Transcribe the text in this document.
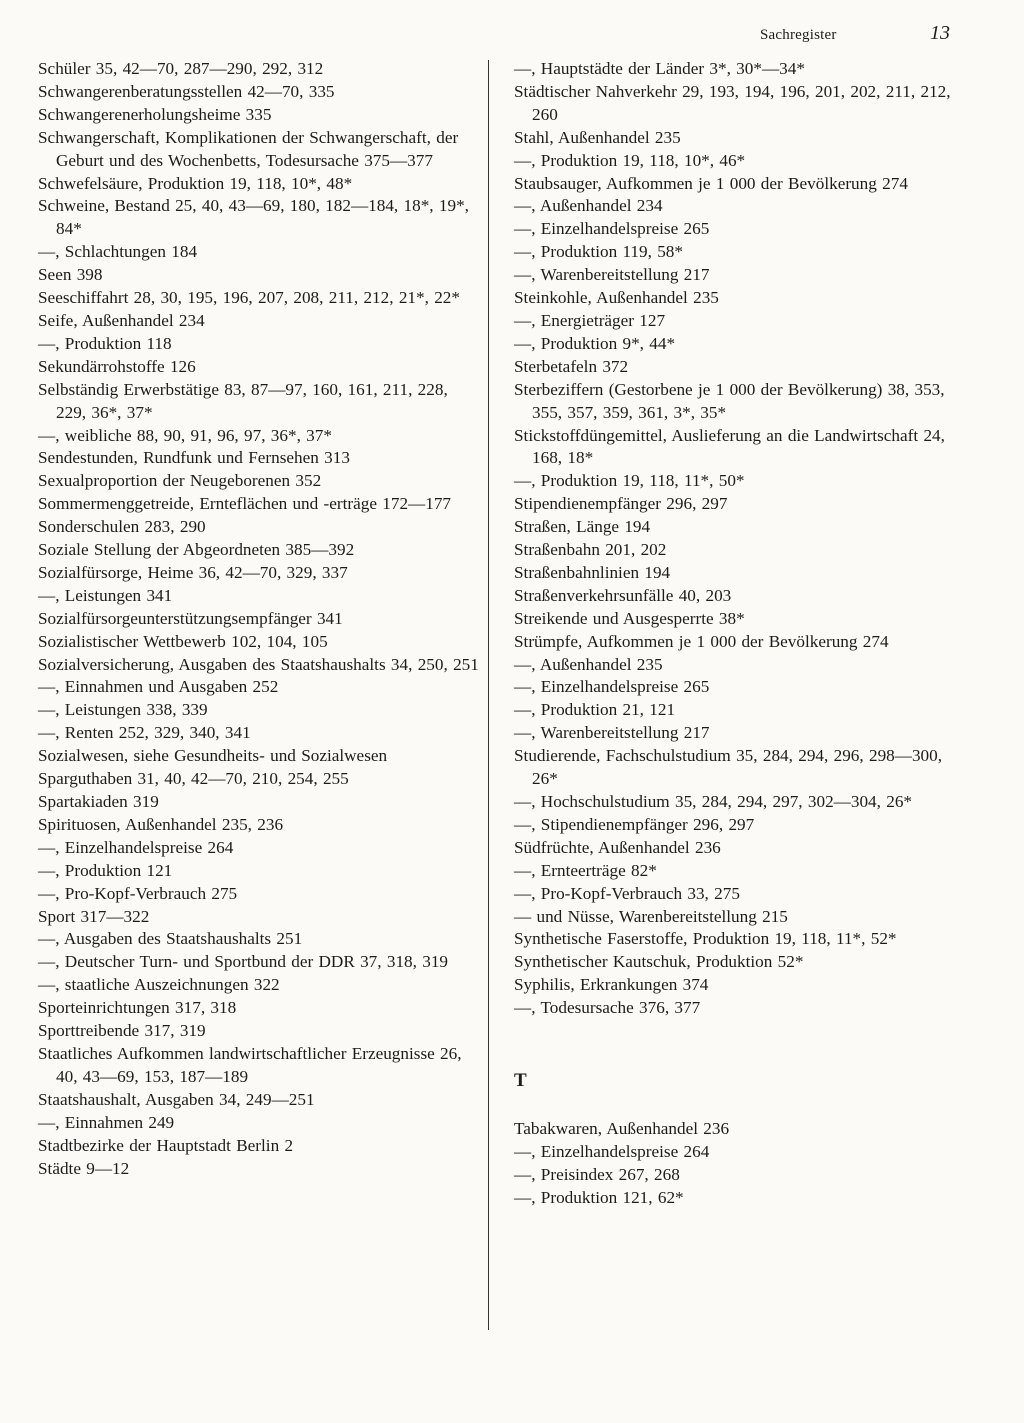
Sachregister	13
Schüler 35, 42—70, 287—290, 292, 312
Schwangerenberatungsstellen 42—70, 335
Schwangerenerholungsheime 335
Schwangerschaft, Komplikationen der Schwangerschaft, der Geburt und des Wochenbetts, Todesursache 375—377
Schwefelsäure, Produktion 19, 118, 10*, 48*
Schweine, Bestand 25, 40, 43—69, 180, 182—184, 18*, 19*, 84*
—, Schlachtungen 184
Seen 398
Seeschiffahrt 28, 30, 195, 196, 207, 208, 211, 212, 21*, 22*
Seife, Außenhandel 234
—, Produktion 118
Sekundärrohstoffe 126
Selbständig Erwerbstätige 83, 87—97, 160, 161, 211, 228, 229, 36*, 37*
—, weibliche 88, 90, 91, 96, 97, 36*, 37*
Sendestunden, Rundfunk und Fernsehen 313
Sexualproportion der Neugeborenen 352
Sommermenggetreide, Ernteflächen und -erträge 172—177
Sonderschulen 283, 290
Soziale Stellung der Abgeordneten 385—392
Sozialfürsorge, Heime 36, 42—70, 329, 337
—, Leistungen 341
Sozialfürsorgeunterstützungsempfänger 341
Sozialistischer Wettbewerb 102, 104, 105
Sozialversicherung, Ausgaben des Staatshaushalts 34, 250, 251
—, Einnahmen und Ausgaben 252
—, Leistungen 338, 339
—, Renten 252, 329, 340, 341
Sozialwesen, siehe Gesundheits- und Sozialwesen
Sparguthaben 31, 40, 42—70, 210, 254, 255
Spartakiaden 319
Spirituosen, Außenhandel 235, 236
—, Einzelhandelspreise 264
—, Produktion 121
—, Pro-Kopf-Verbrauch 275
Sport 317—322
—, Ausgaben des Staatshaushalts 251
—, Deutscher Turn- und Sportbund der DDR 37, 318, 319
—, staatliche Auszeichnungen 322
Sporteinrichtungen 317, 318
Sporttreibende 317, 319
Staatliches Aufkommen landwirtschaftlicher Erzeugnisse 26, 40, 43—69, 153, 187—189
Staatshaushalt, Ausgaben 34, 249—251
—, Einnahmen 249
Stadtbezirke der Hauptstadt Berlin 2
Städte 9—12
—, Hauptstädte der Länder 3*, 30*—34*
Städtischer Nahverkehr 29, 193, 194, 196, 201, 202, 211, 212, 260
Stahl, Außenhandel 235
—, Produktion 19, 118, 10*, 46*
Staubsauger, Aufkommen je 1 000 der Bevölkerung 274
—, Außenhandel 234
—, Einzelhandelspreise 265
—, Produktion 119, 58*
—, Warenbereitstellung 217
Steinkohle, Außenhandel 235
—, Energieträger 127
—, Produktion 9*, 44*
Sterbetafeln 372
Sterbeziffern (Gestorbene je 1 000 der Bevölkerung) 38, 353, 355, 357, 359, 361, 3*, 35*
Stickstoffdüngemittel, Auslieferung an die Landwirtschaft 24, 168, 18*
—, Produktion 19, 118, 11*, 50*
Stipendienempfänger 296, 297
Straßen, Länge 194
Straßenbahn 201, 202
Straßenbahnlinien 194
Straßenverkehrsunfälle 40, 203
Streikende und Ausgesperrte 38*
Strümpfe, Aufkommen je 1 000 der Bevölkerung 274
—, Außenhandel 235
—, Einzelhandelspreise 265
—, Produktion 21, 121
—, Warenbereitstellung 217
Studierende, Fachschulstudium 35, 284, 294, 296, 298—300, 26*
—, Hochschulstudium 35, 284, 294, 297, 302—304, 26*
—, Stipendienempfänger 296, 297
Südfrüchte, Außenhandel 236
—, Ernteerträge 82*
—, Pro-Kopf-Verbrauch 33, 275
— und Nüsse, Warenbereitstellung 215
Synthetische Faserstoffe, Produktion 19, 118, 11*, 52*
Synthetischer Kautschuk, Produktion 52*
Syphilis, Erkrankungen 374
—, Todesursache 376, 377
T
Tabakwaren, Außenhandel 236
—, Einzelhandelspreise 264
—, Preisindex 267, 268
—, Produktion 121, 62*
